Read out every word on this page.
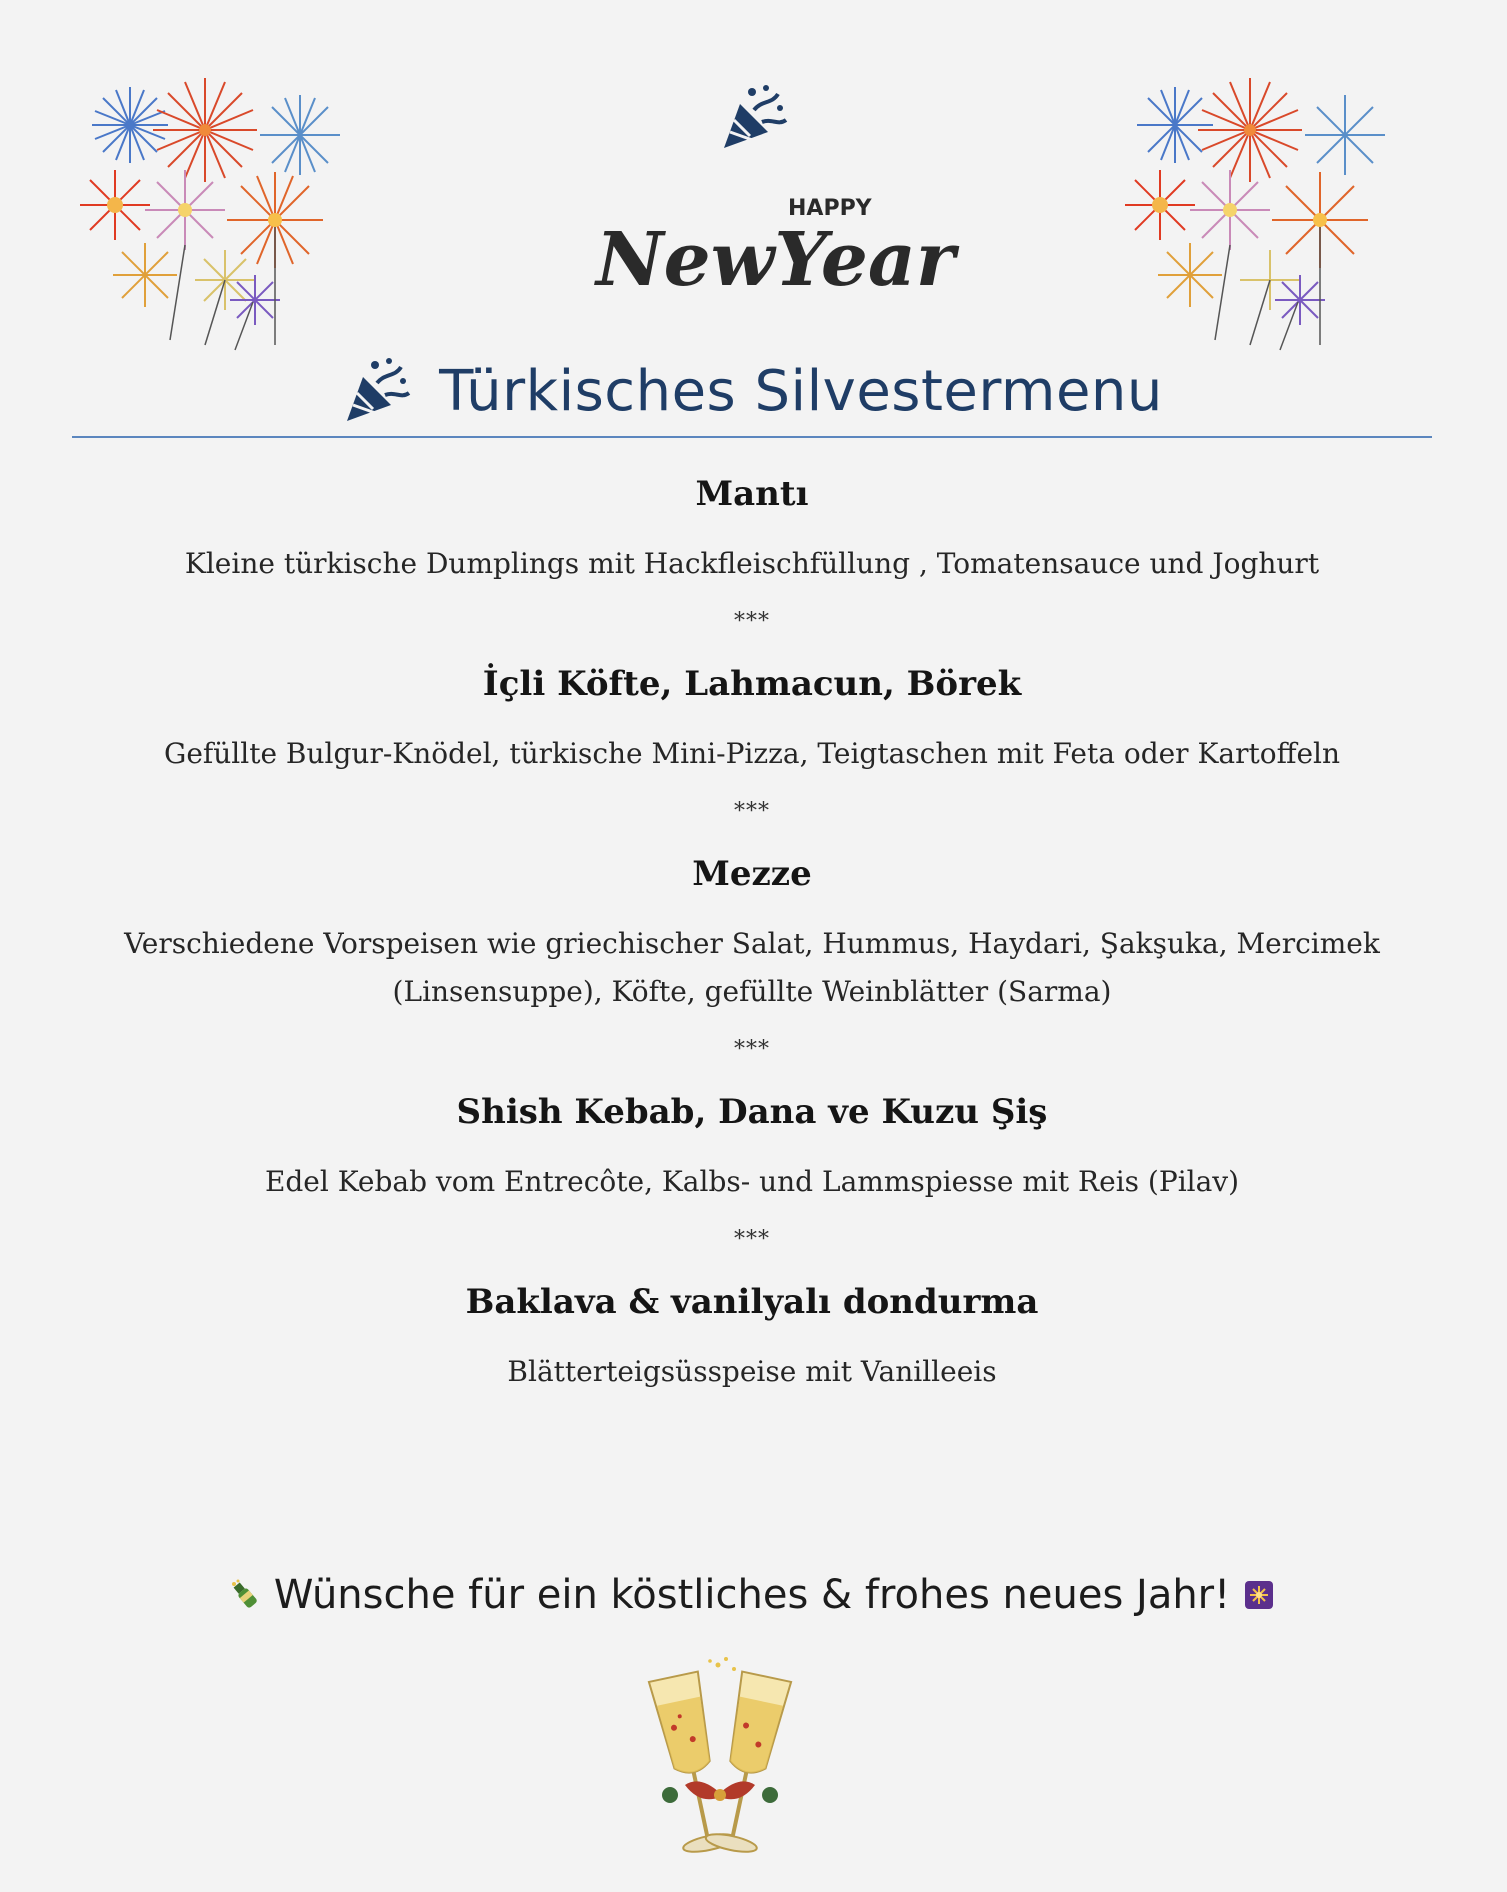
HAPPY
NewYear
Türkisches Silvestermenu

Mantı

Kleine türkische Dumplings mit Hackfleischfüllung , Tomatensauce und Joghurt

***

İçli Köfte, Lahmacun, Börek

Gefüllte Bulgur-Knödel, türkische Mini-Pizza, Teigtaschen mit Feta oder Kartoffeln

***

Mezze

Verschiedene Vorspeisen wie griechischer Salat, Hummus, Haydari, Şakşuka, Mercimek (Linsensuppe), Köfte, gefüllte Weinblätter (Sarma)

***

Shish Kebab, Dana ve Kuzu Şiş

Edel Kebab vom Entrecôte, Kalbs- und Lammspiesse mit Reis (Pilav)

***

Baklava & vanilyalı dondurma

Blätterteigsüsspeise mit Vanilleeis

Wünsche für ein köstliches & frohes neues Jahr!
